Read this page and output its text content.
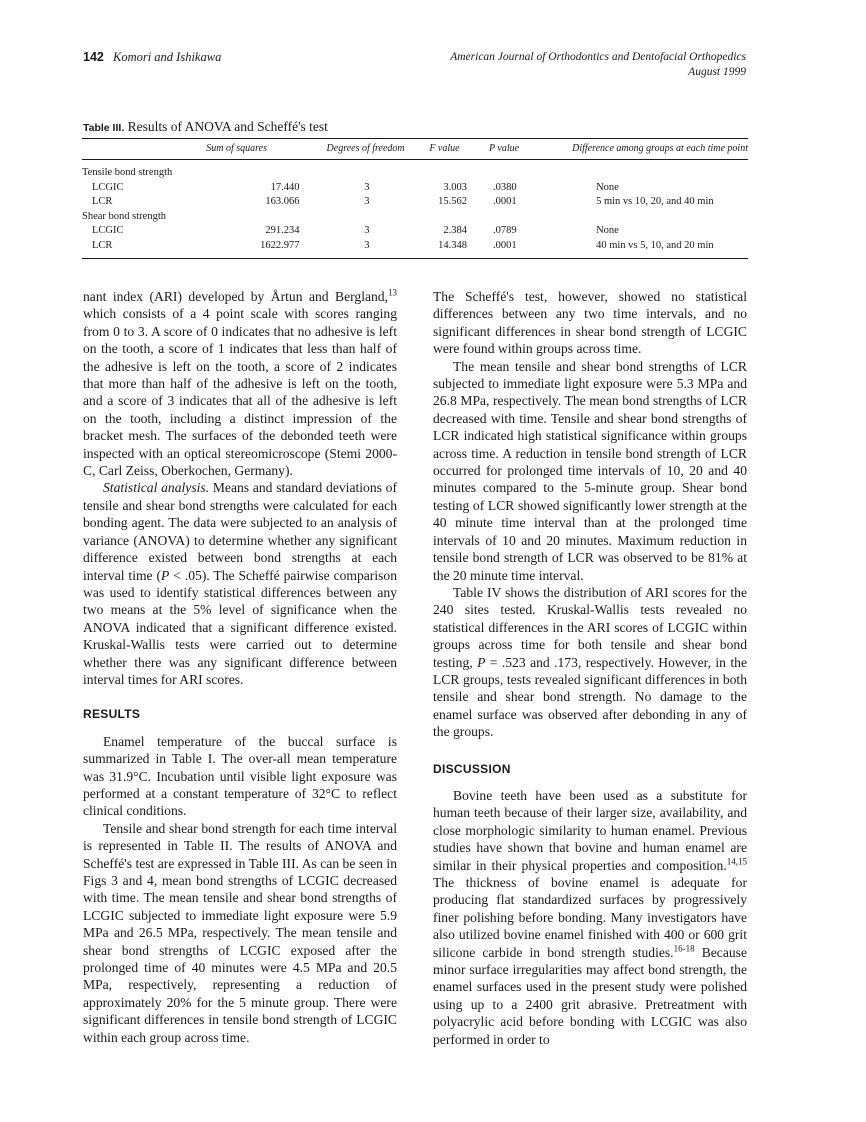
142 Komori and Ishikawa	American Journal of Orthodontics and Dentofacial Orthopedics
August 1999
Table III. Results of ANOVA and Scheffé's test
	Sum of squares	Degrees of freedom	F value	P value	Difference among groups at each time point
Tensile bond strength					
LCGIC	17.440	3	3.003	.0380	None
LCR	163.066	3	15.562	.0001	5 min vs 10, 20, and 40 min
Shear bond strength					
LCGIC	291.234	3	2.384	.0789	None
LCR	1622.977	3	14.348	.0001	40 min vs 5, 10, and 20 min

nant index (ARI) developed by Årtun and Bergland,$^{13}$ which consists of a 4 point scale with scores ranging from 0 to 3. A score of 0 indicates that no adhesive is left on the tooth, a score of 1 indicates that less than half of the adhesive is left on the tooth, a score of 2 indicates that more than half of the adhesive is left on the tooth, and a score of 3 indicates that all of the adhesive is left on the tooth, including a distinct impression of the bracket mesh. The surfaces of the debonded teeth were inspected with an optical stereomicroscope (Stemi 2000-C, Carl Zeiss, Oberkochen, Germany).

Statistical analysis. Means and standard deviations of tensile and shear bond strengths were calculated for each bonding agent. The data were subjected to an analysis of variance (ANOVA) to determine whether any significant difference existed between bond strengths at each interval time (P < .05). The Scheffé pairwise comparison was used to identify statistical differences between any two means at the 5% level of significance when the ANOVA indicated that a significant difference existed. Kruskal-Wallis tests were carried out to determine whether there was any significant difference between interval times for ARI scores.

RESULTS

Enamel temperature of the buccal surface is summarized in Table I. The over-all mean temperature was 31.9°C. Incubation until visible light exposure was performed at a constant temperature of 32°C to reflect clinical conditions.

Tensile and shear bond strength for each time interval is represented in Table II. The results of ANOVA and Scheffé's test are expressed in Table III. As can be seen in Figs 3 and 4, mean bond strengths of LCGIC decreased with time. The mean tensile and shear bond strengths of LCGIC subjected to immediate light exposure were 5.9 MPa and 26.5 MPa, respectively. The mean tensile and shear bond strengths of LCGIC exposed after the prolonged time of 40 minutes were 4.5 MPa and 20.5 MPa, respectively, representing a reduction of approximately 20% for the 5 minute group. There were significant differences in tensile bond strength of LCGIC within each group across time.

The Scheffé's test, however, showed no statistical differences between any two time intervals, and no significant differences in shear bond strength of LCGIC were found within groups across time.

The mean tensile and shear bond strengths of LCR subjected to immediate light exposure were 5.3 MPa and 26.8 MPa, respectively. The mean bond strengths of LCR decreased with time. Tensile and shear bond strengths of LCR indicated high statistical significance within groups across time. A reduction in tensile bond strength of LCR occurred for prolonged time intervals of 10, 20 and 40 minutes compared to the 5-minute group. Shear bond testing of LCR showed significantly lower strength at the 40 minute time interval than at the prolonged time intervals of 10 and 20 minutes. Maximum reduction in tensile bond strength of LCR was observed to be 81% at the 20 minute time interval.

Table IV shows the distribution of ARI scores for the 240 sites tested. Kruskal-Wallis tests revealed no statistical differences in the ARI scores of LCGIC within groups across time for both tensile and shear bond testing, P = .523 and .173, respectively. However, in the LCR groups, tests revealed significant differences in both tensile and shear bond strength. No damage to the enamel surface was observed after debonding in any of the groups.

DISCUSSION

Bovine teeth have been used as a substitute for human teeth because of their larger size, availability, and close morphologic similarity to human enamel. Previous studies have shown that bovine and human enamel are similar in their physical properties and composition.$^{14,15}$ The thickness of bovine enamel is adequate for producing flat standardized surfaces by progressively finer polishing before bonding. Many investigators have also utilized bovine enamel finished with 400 or 600 grit silicone carbide in bond strength studies.$^{16-18}$ Because minor surface irregularities may affect bond strength, the enamel surfaces used in the present study were polished using up to a 2400 grit abrasive. Pretreatment with polyacrylic acid before bonding with LCGIC was also performed in order to
